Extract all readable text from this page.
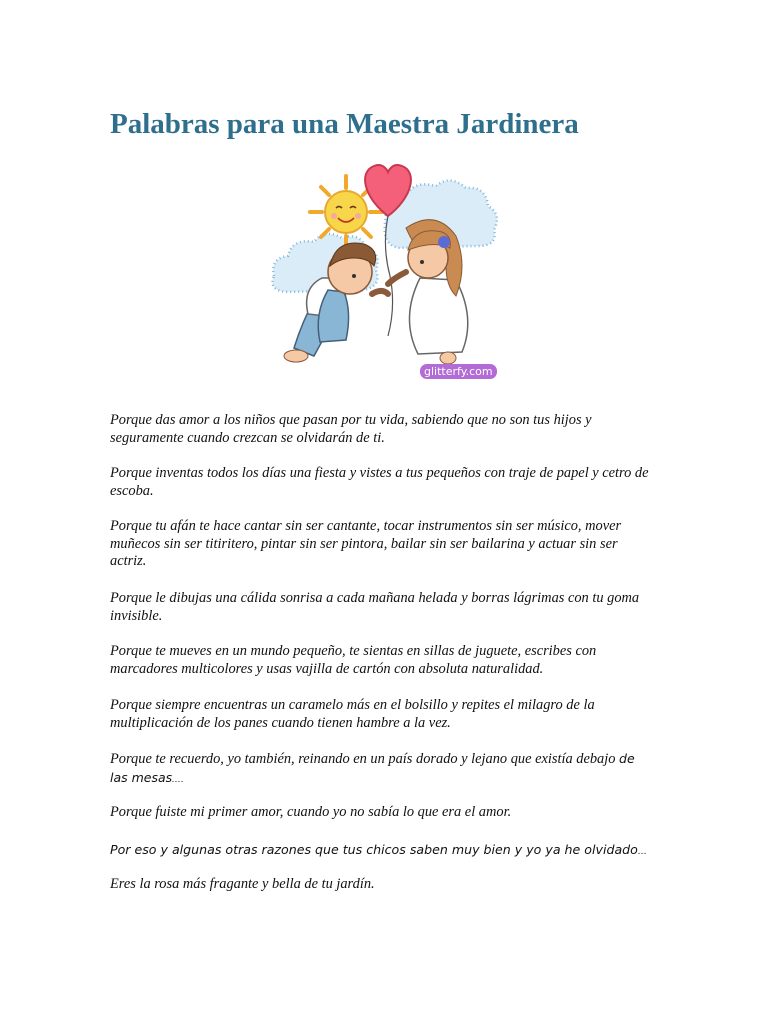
Palabras para una Maestra Jardinera
glitterfy.com

Porque das amor a los niños que pasan por tu vida, sabiendo que no son tus hijos y seguramente cuando crezcan se olvidarán de ti.

Porque inventas todos los días una fiesta y vistes a tus pequeños con traje de papel y cetro de escoba.

Porque tu afán te hace cantar sin ser cantante, tocar instrumentos sin ser músico, mover muñecos sin ser titiritero, pintar sin ser pintora, bailar sin ser bailarina y actuar sin ser actriz.

Porque le dibujas una cálida sonrisa a cada mañana helada y borras lágrimas con tu goma invisible.

Porque te mueves en un mundo pequeño, te sientas en sillas de juguete, escribes con marcadores multicolores y usas vajilla de cartón con absoluta naturalidad.

Porque siempre encuentras un caramelo más en el bolsillo y repites el milagro de la multiplicación de los panes cuando tienen hambre a la vez.

Porque te recuerdo, yo también, reinando en un país dorado y lejano que existía debajo de las mesas….

Porque fuiste mi primer amor, cuando yo no sabía lo que era el amor.

Por eso y algunas otras razones que tus chicos saben muy bien y yo ya he olvidado…

Eres la rosa más fragante y bella de tu jardín.
